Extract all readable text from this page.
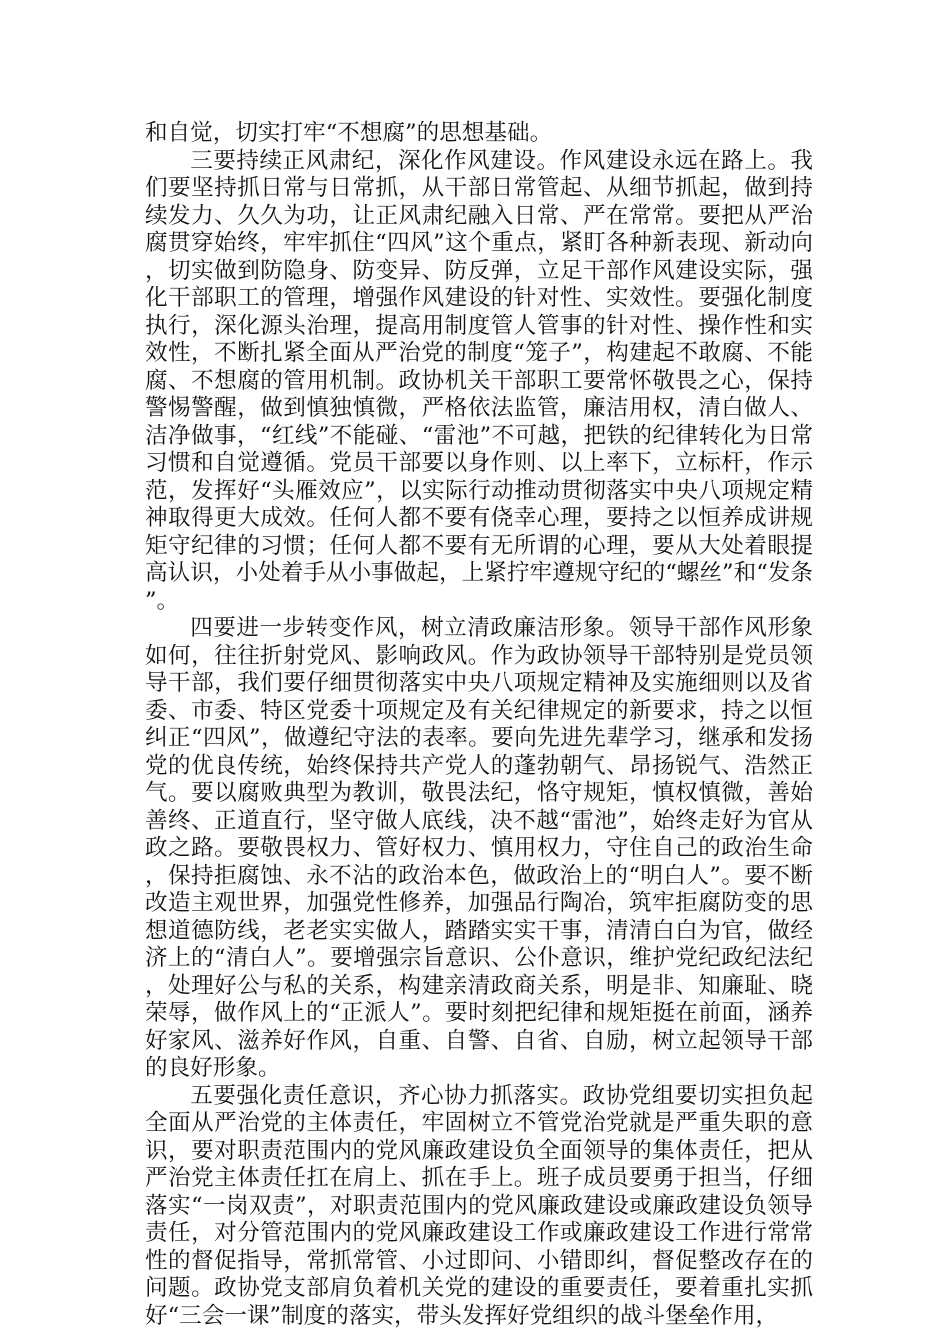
和自觉，切实打牢“不想腐”的思想基础。

三要持续正风肃纪，深化作风建设。作风建设永远在路上。我们要坚持抓日常与日常抓，从干部日常管起、从细节抓起，做到持续发力、久久为功，让正风肃纪融入日常、严在常常。要把从严治腐贯穿始终，牢牢抓住“四风”这个重点，紧盯各种新表现、新动向，切实做到防隐身、防变异、防反弹，立足干部作风建设实际，强化干部职工的管理，增强作风建设的针对性、实效性。要强化制度执行，深化源头治理，提高用制度管人管事的针对性、操作性和实效性，不断扎紧全面从严治党的制度“笼子”，构建起不敢腐、不能腐、不想腐的管用机制。政协机关干部职工要常怀敬畏之心，保持警惕警醒，做到慎独慎微，严格依法监管，廉洁用权，清白做人、洁净做事，“红线”不能碰、“雷池”不可越，把铁的纪律转化为日常习惯和自觉遵循。党员干部要以身作则、以上率下，立标杆，作示范，发挥好“头雁效应”，以实际行动推动贯彻落实中央八项规定精神取得更大成效。任何人都不要有侥幸心理，要持之以恒养成讲规矩守纪律的习惯；任何人都不要有无所谓的心理，要从大处着眼提高认识，小处着手从小事做起，上紧拧牢遵规守纪的“螺丝”和“发条”。

四要进一步转变作风，树立清政廉洁形象。领导干部作风形象如何，往往折射党风、影响政风。作为政协领导干部特别是党员领导干部，我们要仔细贯彻落实中央八项规定精神及实施细则以及省委、市委、特区党委十项规定及有关纪律规定的新要求，持之以恒纠正“四风”，做遵纪守法的表率。要向先进先辈学习，继承和发扬党的优良传统，始终保持共产党人的蓬勃朝气、昂扬锐气、浩然正气。要以腐败典型为教训，敬畏法纪，恪守规矩，慎权慎微，善始善终、正道直行，坚守做人底线，决不越“雷池”，始终走好为官从政之路。要敬畏权力、管好权力、慎用权力，守住自己的政治生命，保持拒腐蚀、永不沾的政治本色，做政治上的“明白人”。要不断改造主观世界，加强党性修养，加强品行陶冶，筑牢拒腐防变的思想道德防线，老老实实做人，踏踏实实干事，清清白白为官，做经济上的“清白人”。要增强宗旨意识、公仆意识，维护党纪政纪法纪，处理好公与私的关系，构建亲清政商关系，明是非、知廉耻、晓荣辱，做作风上的“正派人”。要时刻把纪律和规矩挺在前面，涵养好家风、滋养好作风，自重、自警、自省、自励，树立起领导干部的良好形象。

五要强化责任意识，齐心协力抓落实。政协党组要切实担负起全面从严治党的主体责任，牢固树立不管党治党就是严重失职的意识，要对职责范围内的党风廉政建设负全面领导的集体责任，把从严治党主体责任扛在肩上、抓在手上。班子成员要勇于担当，仔细落实“一岗双责”，对职责范围内的党风廉政建设或廉政建设负领导责任，对分管范围内的党风廉政建设工作或廉政建设工作进行常常性的督促指导，常抓常管、小过即问、小错即纠，督促整改存在的问题。政协党支部肩负着机关党的建设的重要责任，要着重扎实抓好“三会一课”制度的落实，带头发挥好党组织的战斗堡垒作用，
